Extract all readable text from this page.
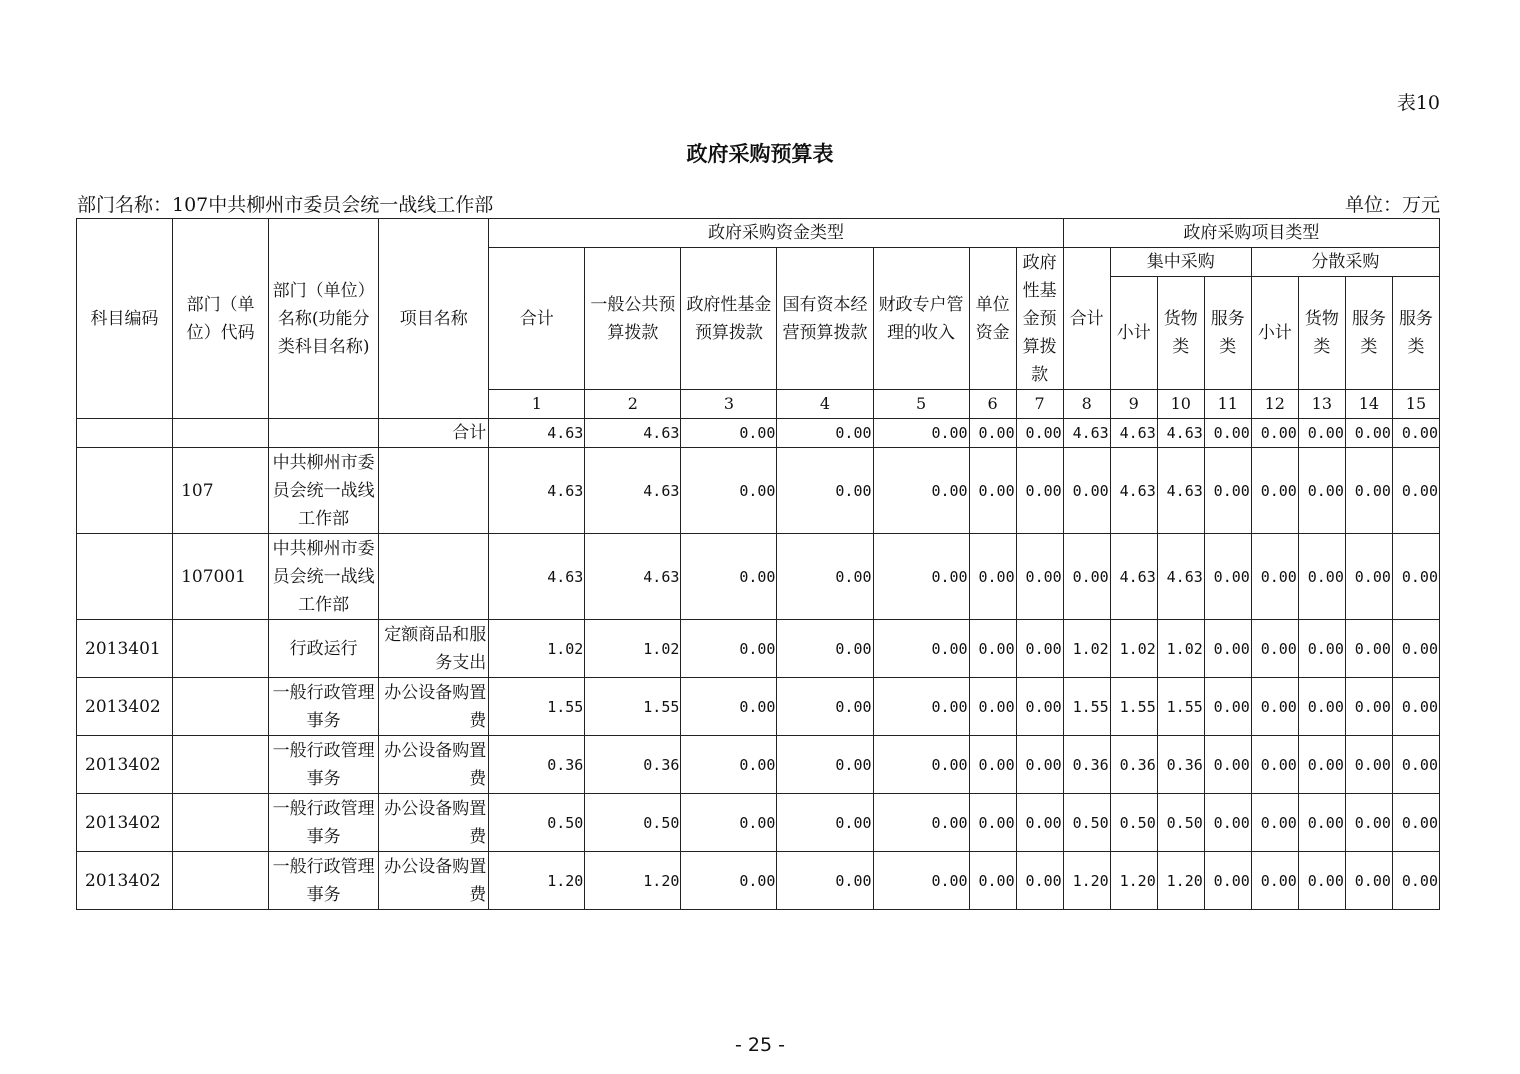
表10
政府采购预算表
部门名称：107中共柳州市委员会统一战线工作部	单位：万元
科目编码	部门（单位）代码	部门（单位）名称(功能分类科目名称)	项目名称	政府采购资金类型							政府采购项目类型							
				合计	一般公共预算拨款	政府性基金预算拨款	国有资本经营预算拨款	财政专户管理的收入	单位资金	政府性基金预算拨款	合计	集中采购			分散采购			
												小计	货物类	服务类	小计	货物类	服务类	服务类
				1	2	3	4	5	6	7	8	9	10	11	12	13	14	15
			合计	4.63	4.63	0.00	0.00	0.00	0.00	0.00	4.63	4.63	4.63	0.00	0.00	0.00	0.00	0.00
	107	中共柳州市委员会统一战线工作部		4.63	4.63	0.00	0.00	0.00	0.00	0.00	0.00	4.63	4.63	0.00	0.00	0.00	0.00	0.00
	107001	中共柳州市委员会统一战线工作部		4.63	4.63	0.00	0.00	0.00	0.00	0.00	0.00	4.63	4.63	0.00	0.00	0.00	0.00	0.00
2013401		行政运行	定额商品和服务支出	1.02	1.02	0.00	0.00	0.00	0.00	0.00	1.02	1.02	1.02	0.00	0.00	0.00	0.00	0.00
2013402		一般行政管理事务	办公设备购置费	1.55	1.55	0.00	0.00	0.00	0.00	0.00	1.55	1.55	1.55	0.00	0.00	0.00	0.00	0.00
2013402		一般行政管理事务	办公设备购置费	0.36	0.36	0.00	0.00	0.00	0.00	0.00	0.36	0.36	0.36	0.00	0.00	0.00	0.00	0.00
2013402		一般行政管理事务	办公设备购置费	0.50	0.50	0.00	0.00	0.00	0.00	0.00	0.50	0.50	0.50	0.00	0.00	0.00	0.00	0.00
2013402		一般行政管理事务	办公设备购置费	1.20	1.20	0.00	0.00	0.00	0.00	0.00	1.20	1.20	1.20	0.00	0.00	0.00	0.00	0.00
- 25 -
